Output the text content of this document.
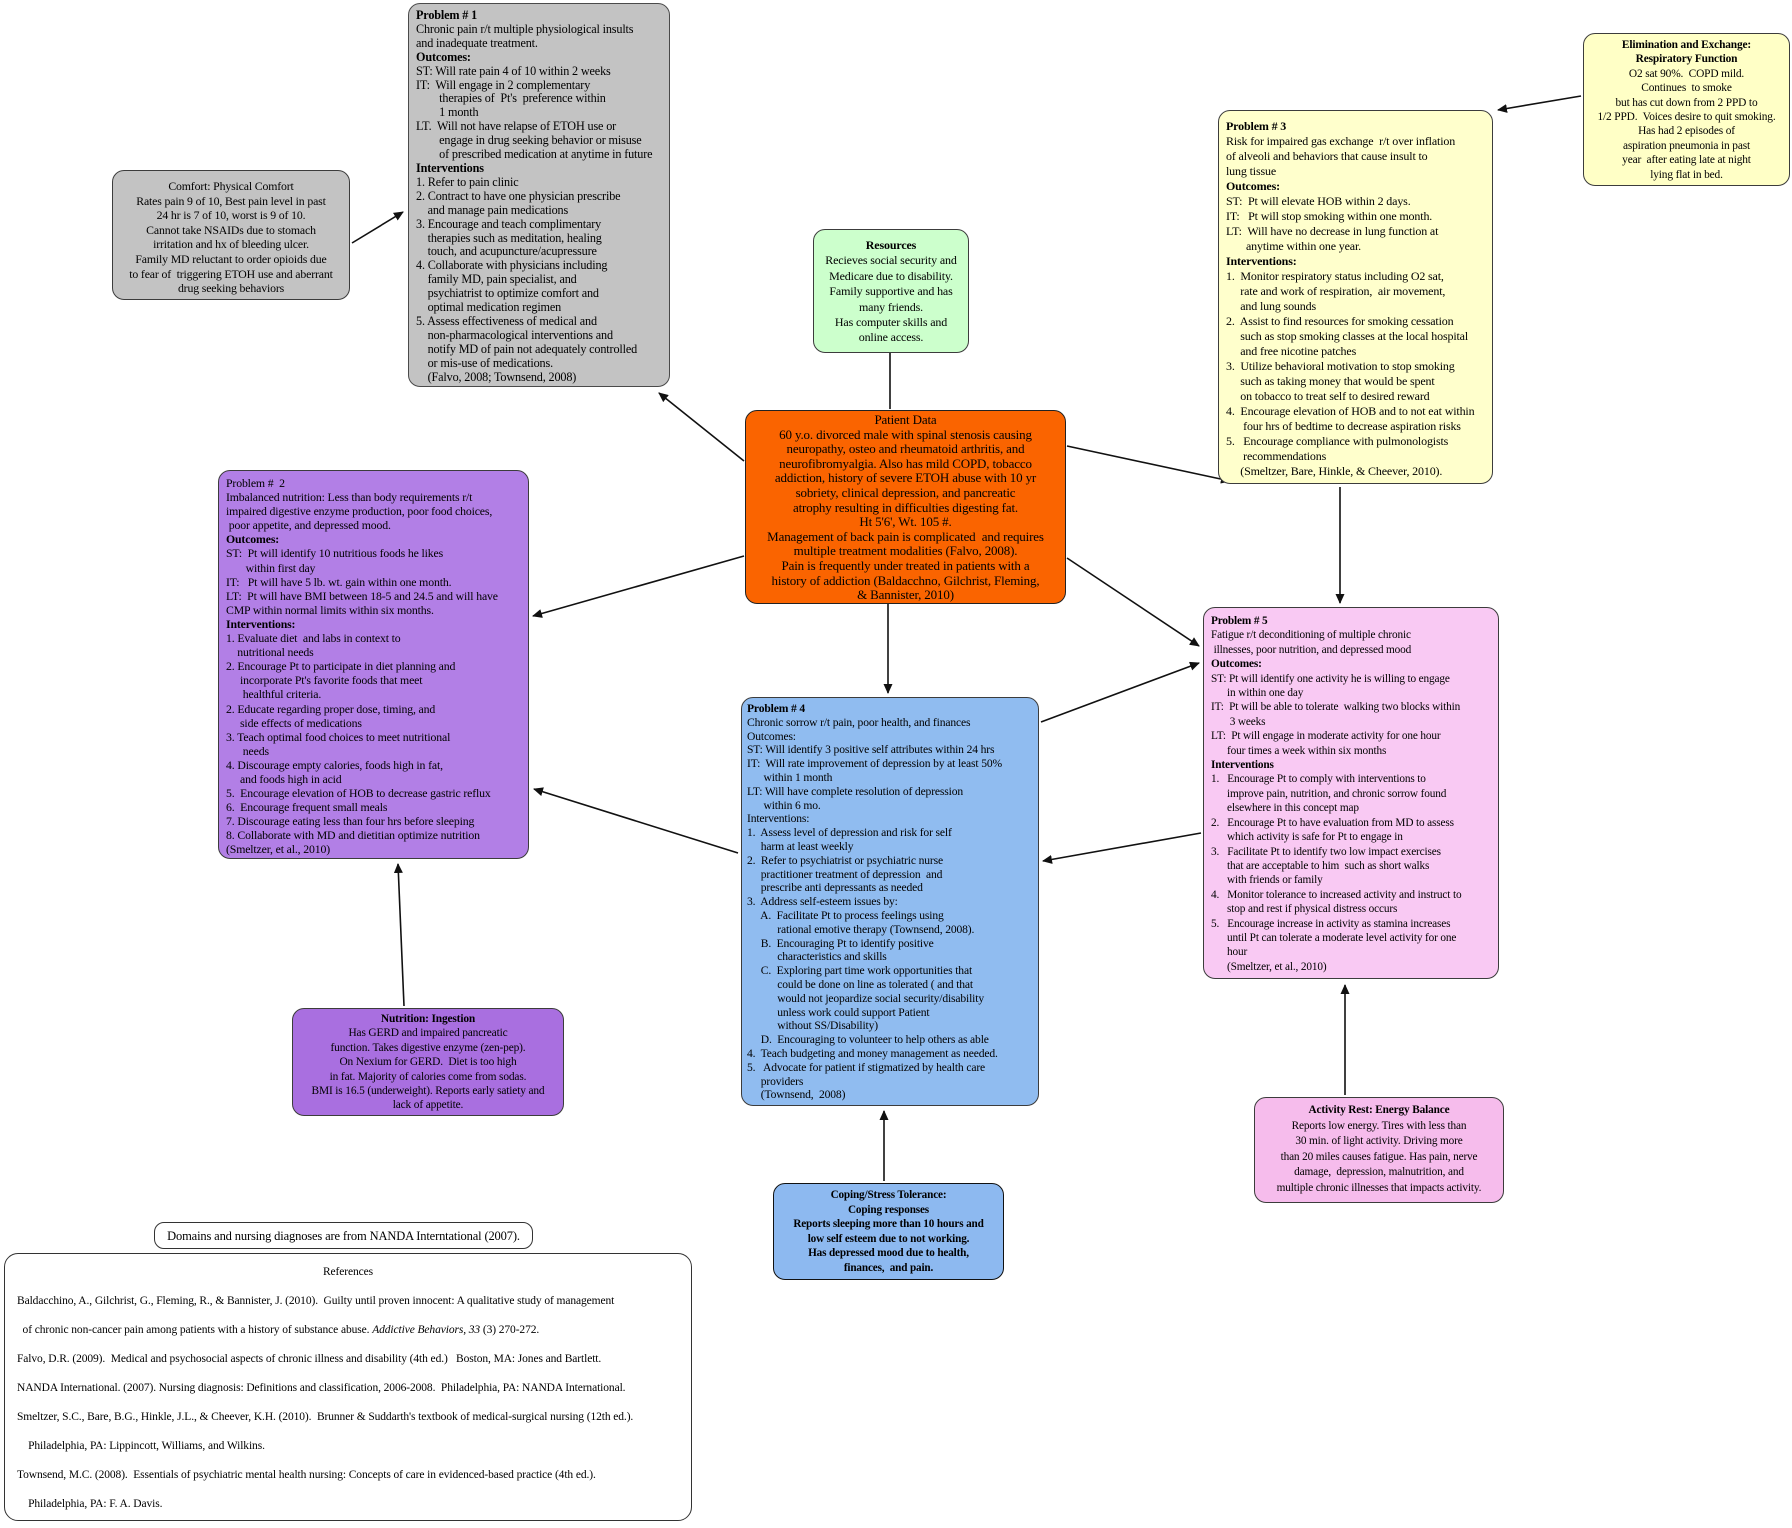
Comfort: Physical Comfort
Rates pain 9 of 10, Best pain level in past
24 hr is 7 of 10, worst is 9 of 10.
Cannot take NSAIDs due to stomach
irritation and hx of bleeding ulcer.
Family MD reluctant to order opioids due
to fear of  triggering ETOH use and aberrant
drug seeking behaviors
Problem # 1
Chronic pain r/t multiple physiological insults
and inadequate treatment.
Outcomes:
ST: Will rate pain 4 of 10 within 2 weeks
IT:  Will engage in 2 complementary
therapies of  Pt's  preference within
1 month
LT.  Will not have relapse of ETOH use or
engage in drug seeking behavior or misuse
of prescribed medication at anytime in future
Interventions
1. Refer to pain clinic
2. Contract to have one physician prescribe
and manage pain medications
3. Encourage and teach complimentary
therapies such as meditation, healing
touch, and acupuncture/acupressure
4. Collaborate with physicians including
family MD, pain specialist, and
psychiatrist to optimize comfort and
optimal medication regimen
5. Assess effectiveness of medical and
non-pharmacological interventions and
notify MD of pain not adequately controlled
or mis-use of medications.
(Falvo, 2008; Townsend, 2008)
Elimination and Exchange:
Respiratory Function
O2 sat 90%.  COPD mild.
Continues  to smoke
but has cut down from 2 PPD to
1/2 PPD.  Voices desire to quit smoking.
Has had 2 episodes of
aspiration pneumonia in past
year  after eating late at night
lying flat in bed.
Problem # 3
Risk for impaired gas exchange  r/t over inflation
of alveoli and behaviors that cause insult to
lung tissue
Outcomes:
ST:  Pt will elevate HOB within 2 days.
IT:   Pt will stop smoking within one month.
LT:  Will have no decrease in lung function at
anytime within one year.
Interventions:
1.  Monitor respiratory status including O2 sat,
rate and work of respiration,  air movement,
and lung sounds
2.  Assist to find resources for smoking cessation
such as stop smoking classes at the local hospital
and free nicotine patches
3.  Utilize behavioral motivation to stop smoking
such as taking money that would be spent
on tobacco to treat self to desired reward
4.  Encourage elevation of HOB and to not eat within
four hrs of bedtime to decrease aspiration risks
5.   Encourage compliance with pulmonologists
recommendations
(Smeltzer, Bare, Hinkle, & Cheever, 2010).
Resources
Recieves social security and
Medicare due to disability.
Family supportive and has
many friends.
Has computer skills and
online access.
Patient Data
60 y.o. divorced male with spinal stenosis causing
neuropathy, osteo and rheumatoid arthritis, and
neurofibromyalgia. Also has mild COPD, tobacco
addiction, history of severe ETOH abuse with 10 yr
sobriety, clinical depression, and pancreatic
atrophy resulting in difficulties digesting fat.
Ht 5'6', Wt. 105 #.
Management of back pain is complicated  and requires
multiple treatment modalities (Falvo, 2008).
Pain is frequently under treated in patients with a
history of addiction (Baldacchno, Gilchrist, Fleming,
& Bannister, 2010)
Problem #  2
Imbalanced nutrition: Less than body requirements r/t
impaired digestive enzyme production, poor food choices,
poor appetite, and depressed mood.
Outcomes:
ST:  Pt will identify 10 nutritious foods he likes
within first day
IT:   Pt will have 5 lb. wt. gain within one month.
LT:  Pt will have BMI between 18-5 and 24.5 and will have
CMP within normal limits within six months.
Interventions:
1. Evaluate diet  and labs in context to
nutritional needs
2. Encourage Pt to participate in diet planning and
incorporate Pt's favorite foods that meet
healthful criteria.
2. Educate regarding proper dose, timing, and
side effects of medications
3. Teach optimal food choices to meet nutritional
needs
4. Discourage empty calories, foods high in fat,
and foods high in acid
5.  Encourage elevation of HOB to decrease gastric reflux
6.  Encourage frequent small meals
7. Discourage eating less than four hrs before sleeping
8. Collaborate with MD and dietitian optimize nutrition
(Smeltzer, et al., 2010)
Problem # 5
Fatigue r/t deconditioning of multiple chronic
illnesses, poor nutrition, and depressed mood
Outcomes:
ST: Pt will identify one activity he is willing to engage
in within one day
IT:  Pt will be able to tolerate  walking two blocks within
3 weeks
LT:  Pt will engage in moderate activity for one hour
four times a week within six months
Interventions
1.   Encourage Pt to comply with interventions to
improve pain, nutrition, and chronic sorrow found
elsewhere in this concept map
2.   Encourage Pt to have evaluation from MD to assess
which activity is safe for Pt to engage in
3.   Facilitate Pt to identify two low impact exercises
that are acceptable to him  such as short walks
with friends or family
4.   Monitor tolerance to increased activity and instruct to
stop and rest if physical distress occurs
5.   Encourage increase in activity as stamina increases
until Pt can tolerate a moderate level activity for one
hour
(Smeltzer, et al., 2010)
Problem # 4
Chronic sorrow r/t pain, poor health, and finances
Outcomes:
ST: Will identify 3 positive self attributes within 24 hrs
IT:  Will rate improvement of depression by at least 50%
within 1 month
LT: Will have complete resolution of depression
within 6 mo.
Interventions:
1.  Assess level of depression and risk for self
harm at least weekly
2.  Refer to psychiatrist or psychiatric nurse
practitioner treatment of depression  and
prescribe anti depressants as needed
3.  Address self-esteem issues by:
A.  Facilitate Pt to process feelings using
rational emotive therapy (Townsend, 2008).
B.  Encouraging Pt to identify positive
characteristics and skills
C.  Exploring part time work opportunities that
could be done on line as tolerated ( and that
would not jeopardize social security/disability
unless work could support Patient
without SS/Disability)
D.  Encouraging to volunteer to help others as able
4.  Teach budgeting and money management as needed.
5.   Advocate for patient if stigmatized by health care
providers
(Townsend,  2008)
Nutrition: Ingestion
Has GERD and impaired pancreatic
function. Takes digestive enzyme (zen-pep).
On Nexium for GERD.  Diet is too high
in fat. Majority of calories come from sodas.
BMI is 16.5 (underweight). Reports early satiety and
lack of appetite.	Activity Rest: Energy Balance
Reports low energy. Tires with less than
30 min. of light activity. Driving more
than 20 miles causes fatigue. Has pain, nerve
damage,  depression, malnutrition, and
multiple chronic illnesses that impacts activity.
Coping/Stress Tolerance:
Coping responses
Reports sleeping more than 10 hours and
low self esteem due to not working.
Has depressed mood due to health,
finances,  and pain.
Domains and nursing diagnoses are from NANDA Interntational (2007).
References
Baldacchino, A., Gilchrist, G., Fleming, R., & Bannister, J. (2010).  Guilty until proven innocent: A qualitative study of management
of chronic non-cancer pain among patients with a history of substance abuse. Addictive Behaviors, 33 (3) 270-272.
Falvo, D.R. (2009).  Medical and psychosocial aspects of chronic illness and disability (4th ed.)   Boston, MA: Jones and Bartlett.
NANDA International. (2007). Nursing diagnosis: Definitions and classification, 2006-2008.  Philadelphia, PA: NANDA International.
Smeltzer, S.C., Bare, B.G., Hinkle, J.L., & Cheever, K.H. (2010).  Brunner & Suddarth's textbook of medical-surgical nursing (12th ed.).
Philadelphia, PA: Lippincott, Williams, and Wilkins.
Townsend, M.C. (2008).  Essentials of psychiatric mental health nursing: Concepts of care in evidenced-based practice (4th ed.).
Philadelphia, PA: F. A. Davis.
